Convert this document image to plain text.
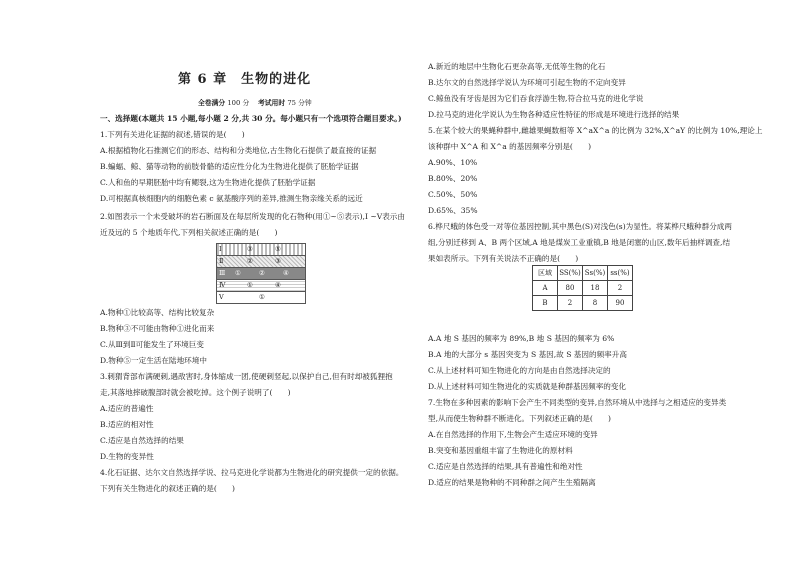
第 6 章　生物的进化
全卷满分 100 分 考试用时 75 分钟
一、选择题(本题共 15 小题,每小题 2 分,共 30 分。每小题只有一个选项符合题目要求。)
1.下列有关进化证据的叙述,错误的是(　　)
A.根据植物化石推测它们的形态、结构和分类地位,古生物化石提供了最直接的证据
B.蝙蝠、鲸、猫等动物的前肢骨骼的适应性分化为生物进化提供了胚胎学证据
C.人和鱼的早期胚胎中均有鳃裂,这为生物进化提供了胚胎学证据
D.可根据真核细胞内的细胞色素 c 氨基酸序列的差异,推测生物亲缘关系的远近
2.如图表示一个未受破坏的岩石断面及在每层所发现的化石物种(用①~⑤表示),I ~V表示由
近及远的 5 个地质年代,下列相关叙述正确的是(　　)
Ⅰ	③	⑤
Ⅱ	②	③
Ⅲ ①	②	④
Ⅳ	①	④
Ⅴ	①
A.物种①比较高等、结构比较复杂
B.物种③不可能由物种①进化而来
C.从Ⅲ到Ⅱ可能发生了环境巨变
D.物种⑤一定生活在陆地环境中
3.刺猬背部布满硬刺,遇敌害时,身体缩成一团,使硬刺竖起,以保护自己,但有时却被狐狸抱
走,其落地摔破腹部时就会被吃掉。这个例子说明了(　　)
A.适应的普遍性
B.适应的相对性
C.适应是自然选择的结果
D.生物的变异性
4.化石证据、达尔文自然选择学说、拉马克进化学说都为生物进化的研究提供一定的依据。
下列有关生物进化的叙述正确的是(　　)
A.新近的地层中生物化石更杂高等,无低等生物的化石
B.达尔文的自然选择学说认为环境可引起生物的不定向变异
C.鲸鱼没有牙齿是因为它们吞食浮游生物,符合拉马克的进化学说
D.拉马克的进化学说认为生物各种适应性特征的形成是环境进行选择的结果
5.在某个较大的果蝇种群中,雌雄果蝇数相等 X^aX^a 的比例为 32%,X^aY 的比例为 10%,理论上
该种群中 X^A 和 X^a 的基因频率分别是(　　)
A.90%、10%
B.80%、20%
C.50%、50%
D.65%、35%
6.桦尺蛾的体色受一对等位基因控制,其中黑色(S)对浅色(s)为显性。将某桦尺蛾种群分成两
组,分别迁移到 A、B 两个区域,A 地是煤炭工业重镇,B 地是闭塞的山区,数年后抽样调查,结
果如表所示。下列有关说法不正确的是(　　)
区域	SS(%)	Ss(%)	ss(%)
A	80	18	2
B	2	8	90
A.A 地 S 基因的频率为 89%,B 地 S 基因的频率为 6%
B.A 地的大部分 s 基因突变为 S 基因,故 S 基因的频率升高
C.从上述材料可知生物进化的方向是由自然选择决定的
D.从上述材料可知生物进化的实质就是种群基因频率的变化
7.生物在多种因素的影响下会产生不同类型的变异,自然环境从中选择与之相适应的变异类
型,从而使生物种群不断进化。下列叙述正确的是(　　)
A.在自然选择的作用下,生物会产生适应环境的变异
B.突变和基因重组丰富了生物进化的原材料
C.适应是自然选择的结果,具有普遍性和绝对性
D.适应的结果是物种的不同种群之间产生生殖隔离
